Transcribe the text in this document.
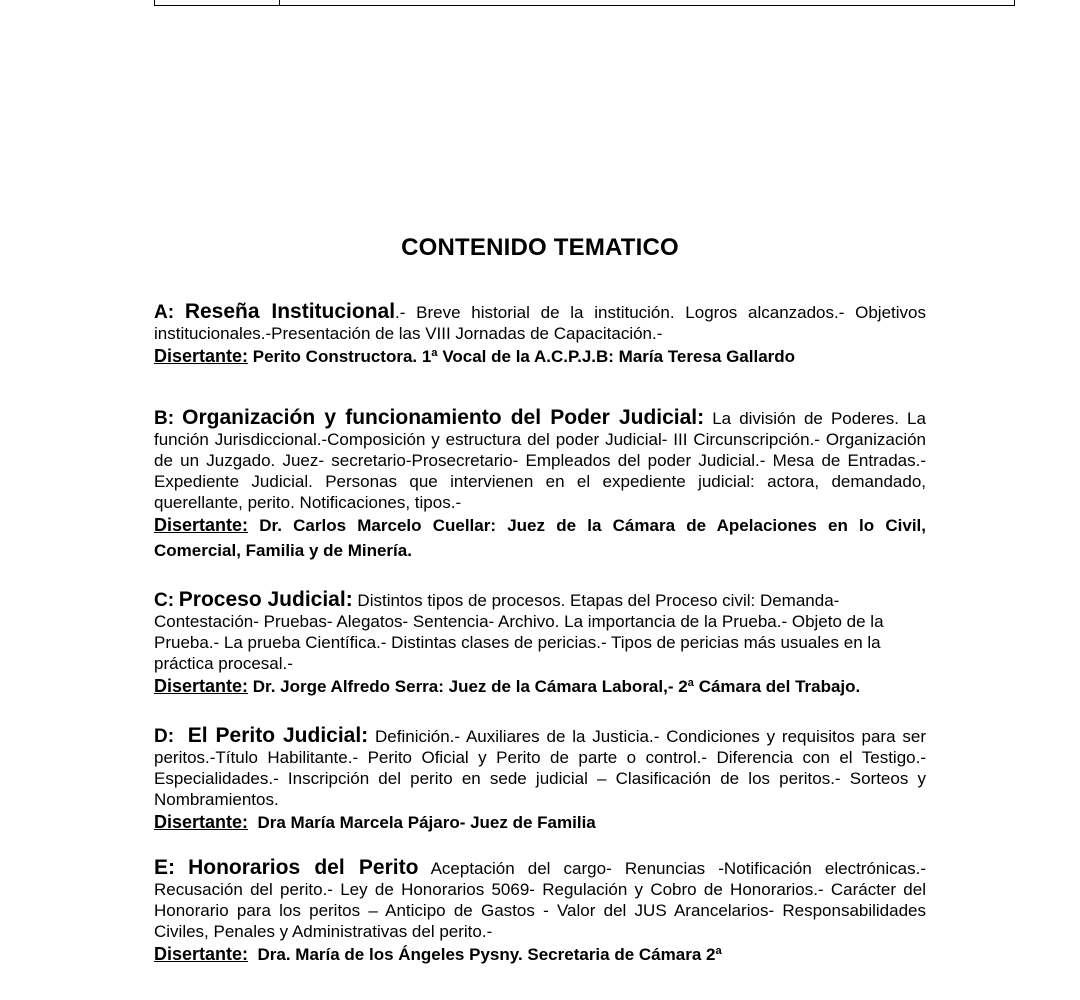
CONTENIDO TEMATICO

A: Reseña Institucional.- Breve historial de la institución. Logros alcanzados.- Objetivos institucionales.-Presentación de las VIII Jornadas de Capacitación.-

Disertante: Perito Constructora. 1ª Vocal de la A.C.P.J.B: María Teresa Gallardo

B: Organización y funcionamiento del Poder Judicial: La división de Poderes. La función Jurisdiccional.-Composición y estructura del poder Judicial- III Circunscripción.- Organización de un Juzgado. Juez- secretario-Prosecretario- Empleados del poder Judicial.- Mesa de Entradas.- Expediente Judicial. Personas que intervienen en el expediente judicial: actora, demandado, querellante, perito. Notificaciones, tipos.-

Disertante: Dr. Carlos Marcelo Cuellar: Juez de la Cámara de Apelaciones en lo Civil, Comercial, Familia y de Minería.

C: Proceso Judicial: Distintos tipos de procesos. Etapas del Proceso civil: Demanda- Contestación- Pruebas- Alegatos- Sentencia- Archivo. La importancia de la Prueba.- Objeto de la Prueba.- La prueba Científica.- Distintas clases de pericias.- Tipos de pericias más usuales en la práctica procesal.-

Disertante: Dr. Jorge Alfredo Serra: Juez de la Cámara Laboral,- 2ª Cámara del Trabajo.

D: El Perito Judicial: Definición.- Auxiliares de la Justicia.- Condiciones y requisitos para ser peritos.-Título Habilitante.- Perito Oficial y Perito de parte o control.- Diferencia con el Testigo.- Especialidades.- Inscripción del perito en sede judicial – Clasificación de los peritos.- Sorteos y Nombramientos.

Disertante: Dra María Marcela Pájaro- Juez de Familia

E: Honorarios del Perito Aceptación del cargo- Renuncias -Notificación electrónicas.- Recusación del perito.- Ley de Honorarios 5069- Regulación y Cobro de Honorarios.- Carácter del Honorario para los peritos – Anticipo de Gastos - Valor del JUS Arancelarios- Responsabilidades Civiles, Penales y Administrativas del perito.-

Disertante: Dra. María de los Ángeles Pysny. Secretaria de Cámara 2ª
